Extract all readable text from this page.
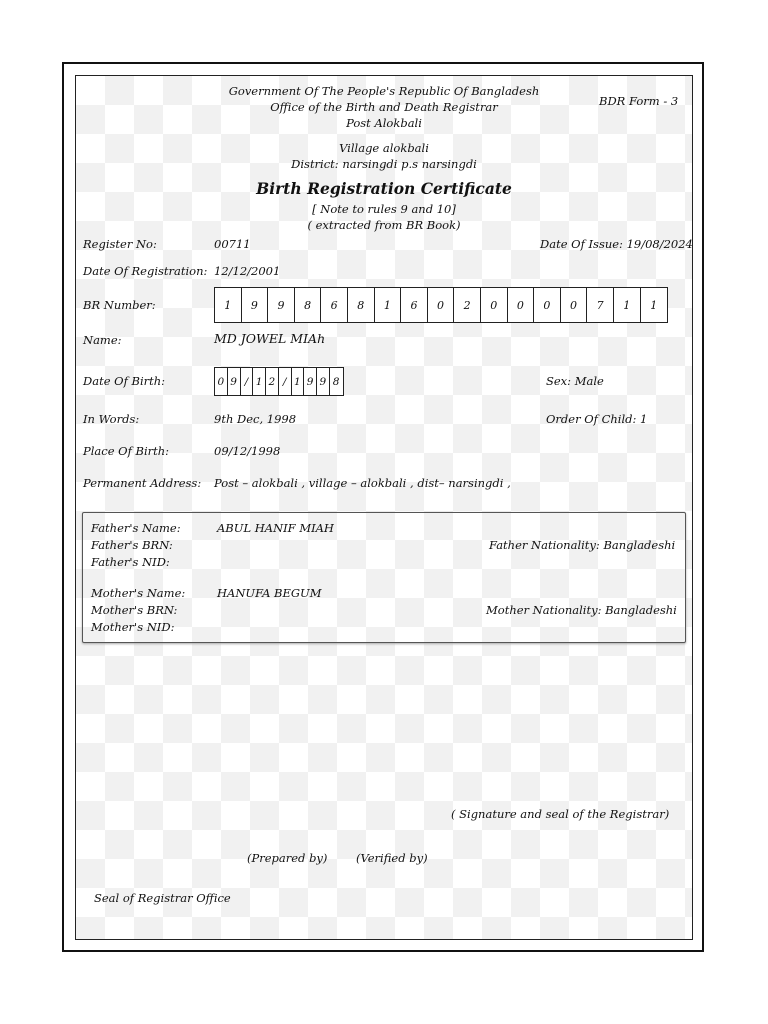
Government Of The People's Republic Of Bangladesh
Office of the Birth and Death Registrar
Post Alokbali
Village alokbali
District: narsingdi p.s narsingdi
Birth Registration Certificate
[ Note to rules 9 and 10]
( extracted from BR Book)
BDR Form - 3
Register No:	00711	Date Of Issue: 19/08/2024
Date Of Registration: 12/12/2001
BR Number:	1	9	9	8	6	8	1	6	0	2	0	0	0	0	7	1	1
Name:	MD JOWEL MIAh
Date Of Birth:	0 9 / 1 2 / 1 9 9 8	Sex: Male
In Words:	9th Dec, 1998	Order Of Child: 1
Place Of Birth:	09/12/1998
Permanent Address: Post – alokbali , village – alokbali , dist– narsingdi ,
Father's Name:	ABUL HANIF MIAH
Father's BRN:
Father's NID:
Father Nationality: Bangladeshi
Mother's Name:	HANUFA BEGUM
Mother's BRN:
Mother's NID:
Mother Nationality: Bangladeshi
( Signature and seal of the Registrar)
(Prepared by) (Verified by)
Seal of Registrar Office
